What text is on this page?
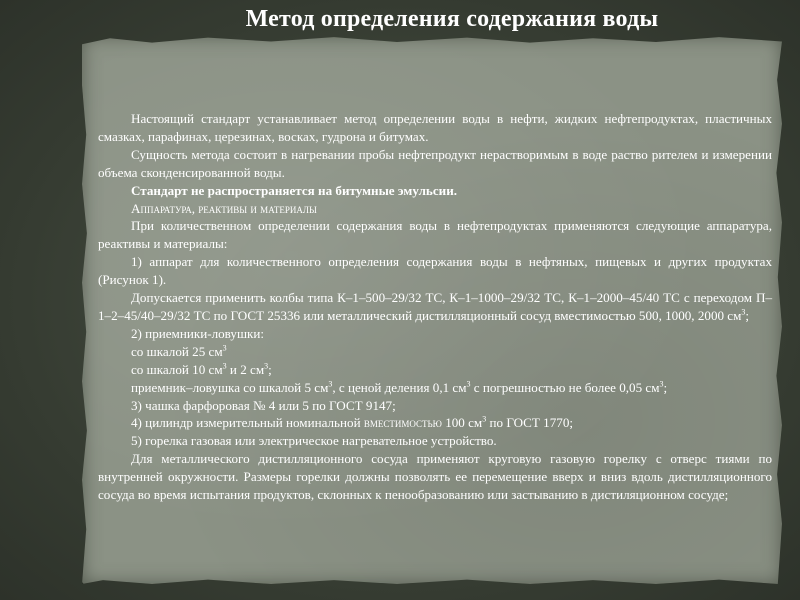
Метод определения содержания воды

Настоящий стандарт устанавливает метод определении воды в нефти, жидких нефтепродуктах, пластичных смазках, парафинах, церезинах, восках, гудрона и битумах.

Сущность метода состоит в нагревании пробы нефтепродукт нерастворимым в воде раство рителем и измерении объема сконденсированной воды.

Стандарт не распространяется на битумные эмульсии.

Аппаратура, реактивы и материалы

При количественном определении содержания воды в нефтепродуктах применяются следующие аппаратура, реактивы и материалы:

1) аппарат для количественного определения содержания воды в нефтяных, пищевых и других продуктах (Рисунок 1).

Допускается применить колбы типа К–1–500–29/32 ТС, К–1–1000–29/32 ТС, К–1–2000–45/40 ТС с переходом П–1–2–45/40–29/32 ТС по ГОСТ 25336 или металлический дистилляционный сосуд вместимостью 500, 1000, 2000 $см^3$;

2) приемники-ловушки:

со шкалой 25 $см^3$

со шкалой 10 $см^3$ и 2 $см^3$;

приемник–ловушка со шкалой 5 $см^3$, с ценой деления 0,1 $см^3$ с погрешностью не более 0,05 $см^3$;

3) чашка фарфоровая № 4 или 5 по ГОСТ 9147;

4) цилиндр измерительный номинальной вместимостью 100 $см^3$ по ГОСТ 1770;

5) горелка газовая или электрическое нагревательное устройство.

Для металлического дистилляционного сосуда применяют круговую газовую горелку с отверс тиями по внутренней окружности. Размеры горелки должны позволять ее перемещение вверх и вниз вдоль дистилляционного сосуда во время испытания продуктов, склонных к пенообразованию или застыванию в дистиляционном сосуде;
